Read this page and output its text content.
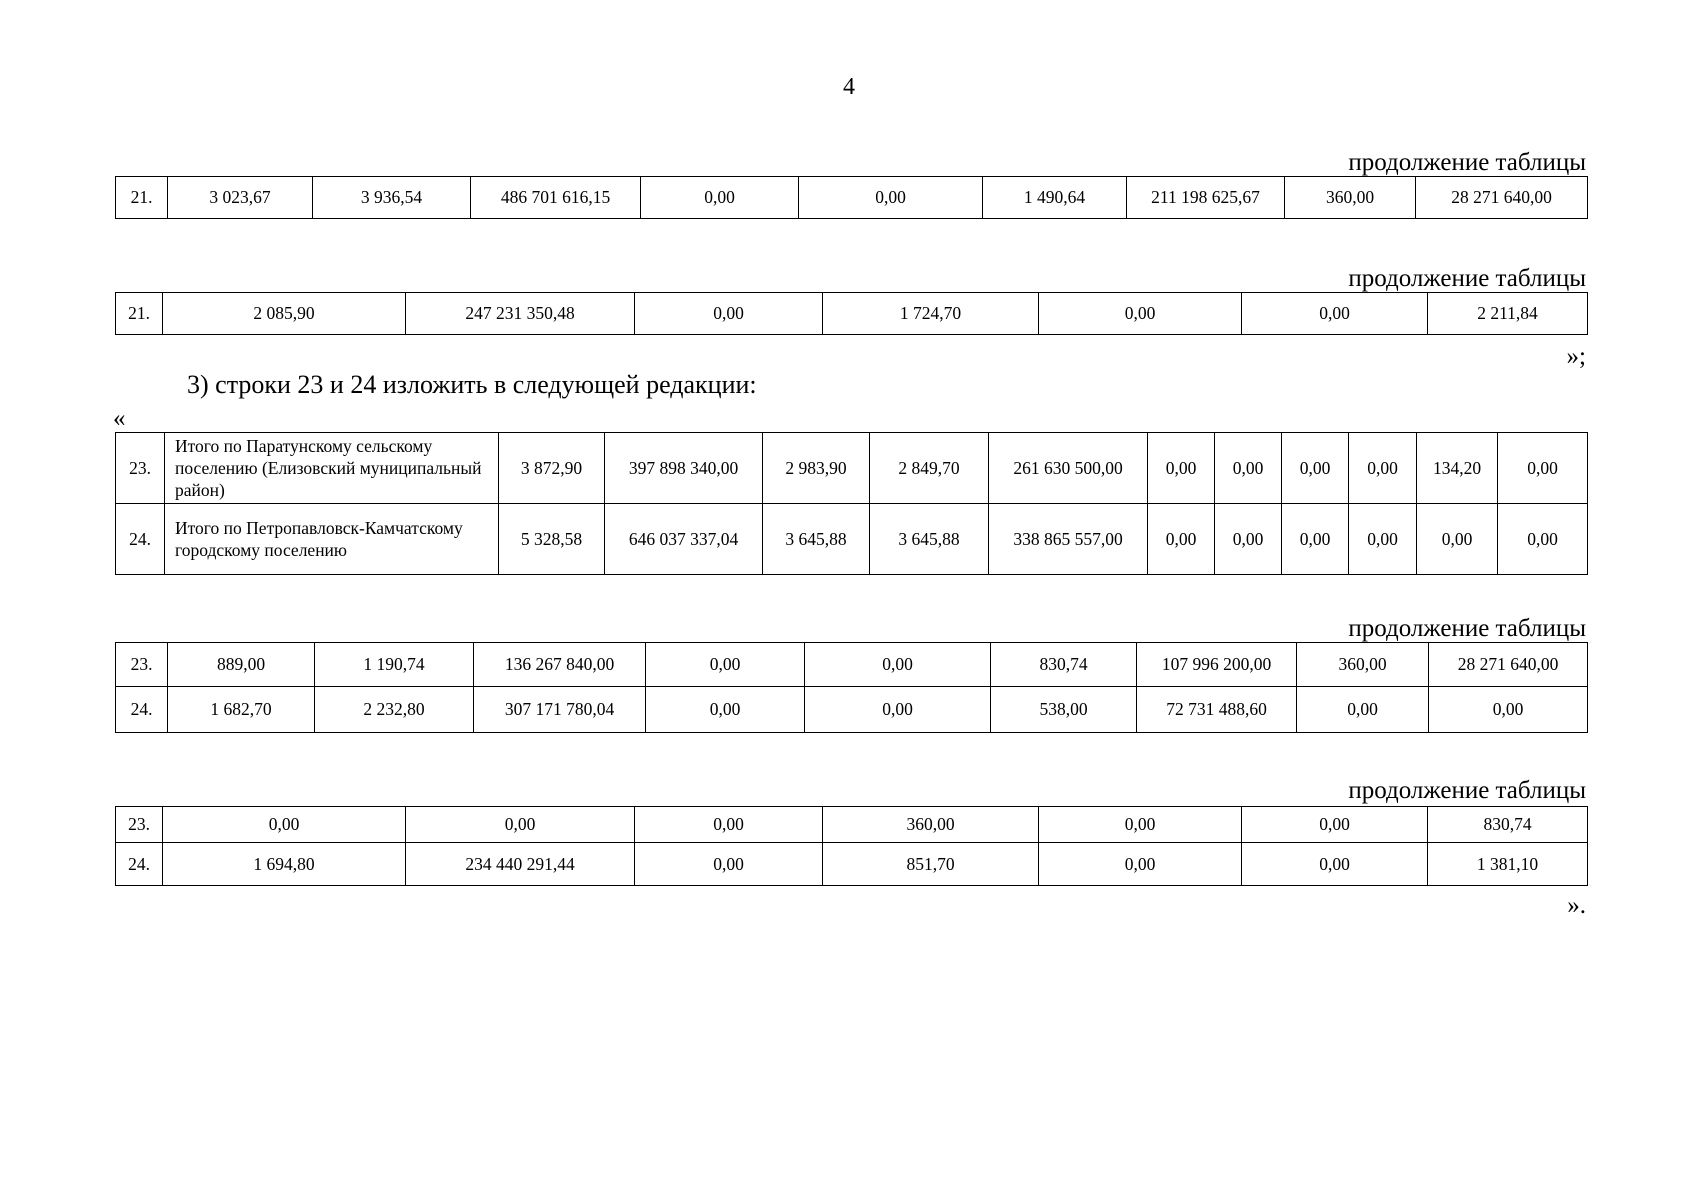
4
продолжение таблицы
21.	3 023,67	3 936,54	486 701 616,15	0,00	0,00	1 490,64	211 198 625,67	360,00	28 271 640,00
продолжение таблицы
21.	2 085,90	247 231 350,48	0,00	1 724,70	0,00	0,00	2 211,84
»;
3) строки 23 и 24 изложить в следующей редакции:
«
23.	Итого по Паратунскому сельскому поселению (Елизовский муниципальный район)	3 872,90	397 898 340,00	2 983,90	2 849,70	261 630 500,00	0,00	0,00	0,00	0,00	134,20	0,00
24.	Итого по Петропавловск-Камчатскому городскому поселению	5 328,58	646 037 337,04	3 645,88	3 645,88	338 865 557,00	0,00	0,00	0,00	0,00	0,00	0,00
продолжение таблицы
23.	889,00	1 190,74	136 267 840,00	0,00	0,00	830,74	107 996 200,00	360,00	28 271 640,00
24.	1 682,70	2 232,80	307 171 780,04	0,00	0,00	538,00	72 731 488,60	0,00	0,00
продолжение таблицы
23.	0,00	0,00	0,00	360,00	0,00	0,00	830,74
24.	1 694,80	234 440 291,44	0,00	851,70	0,00	0,00	1 381,10
».
